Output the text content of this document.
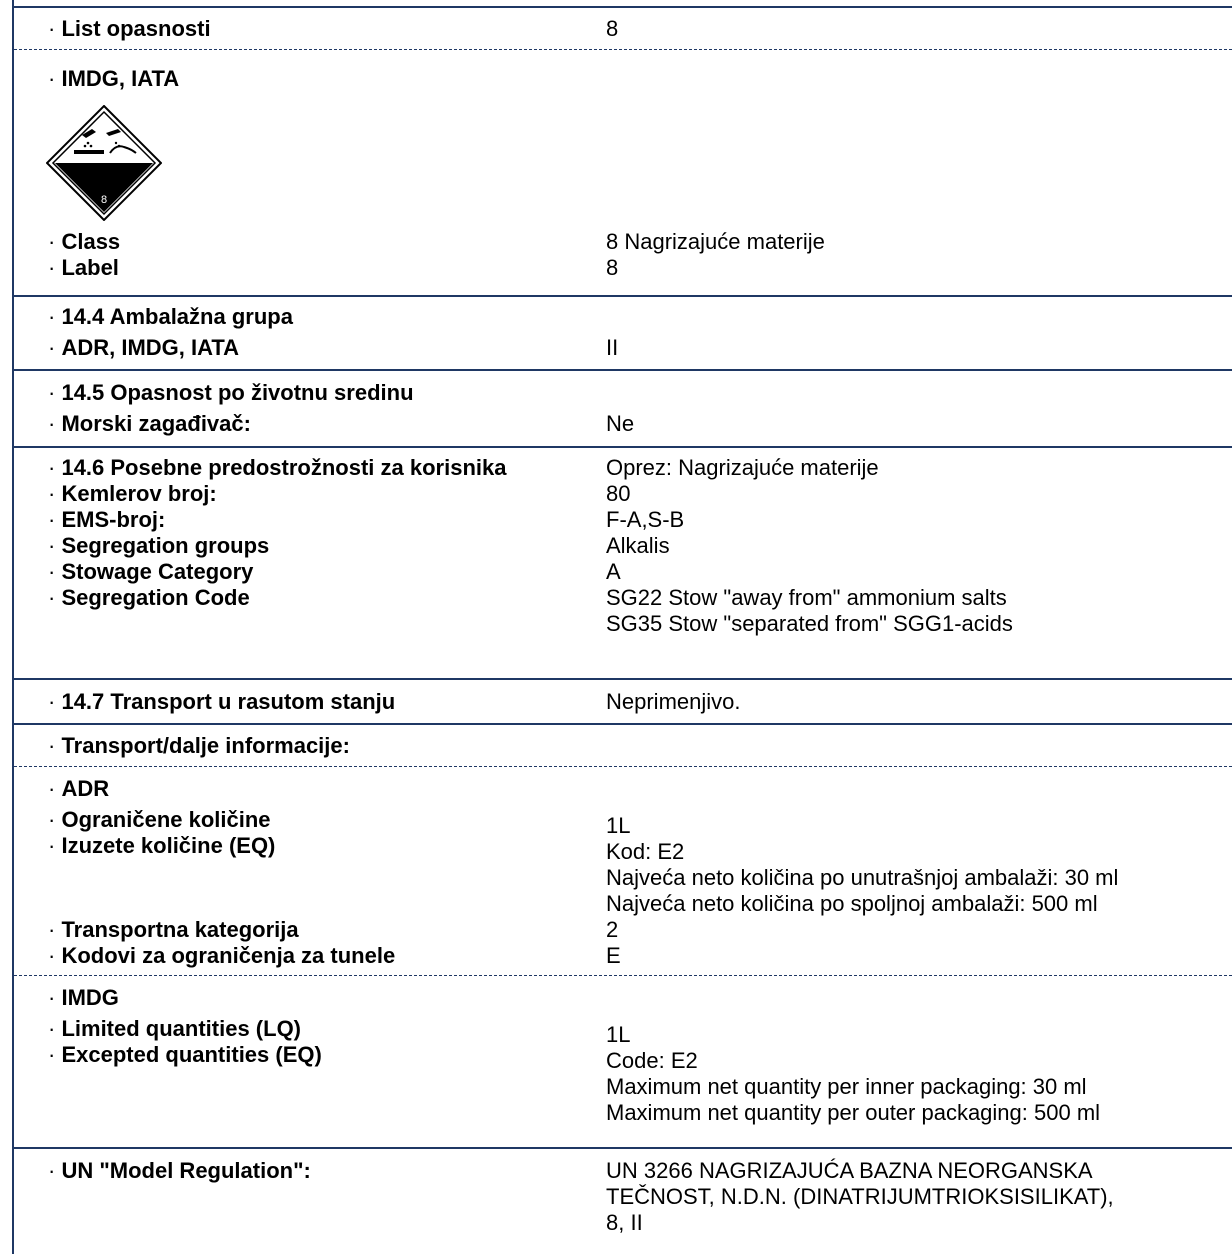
· List opasnosti	8
· IMDG, IATA
8
· Class	8 Nagrizajuće materije
· Label	8
· 14.4 Ambalažna grupa
· ADR, IMDG, IATA	II
· 14.5 Opasnost po životnu sredinu
· Morski zagađivač:	Ne
· 14.6 Posebne predostrožnosti za korisnika	Oprez: Nagrizajuće materije
· Kemlerov broj:	80
· EMS-broj:	F-A,S-B
· Segregation groups	Alkalis
· Stowage Category	A
· Segregation Code	SG22 Stow "away from" ammonium salts
SG35 Stow "separated from" SGG1-acids
· 14.7 Transport u rasutom stanju	Neprimenjivo.
· Transport/dalje informacije:
· ADR
· Ograničene količine	1L
· Izuzete količine (EQ)	Kod: E2
Najveća neto količina po unutrašnjoj ambalaži: 30 ml
Najveća neto količina po spoljnoj ambalaži: 500 ml
· Transportna kategorija	2
· Kodovi za ograničenja za tunele	E
· IMDG
· Limited quantities (LQ)	1L
· Excepted quantities (EQ)	Code: E2
Maximum net quantity per inner packaging: 30 ml
Maximum net quantity per outer packaging: 500 ml
· UN "Model Regulation":	UN 3266 NAGRIZAJUĆA BAZNA NEORGANSKA
TEČNOST, N.D.N. (DINATRIJUMTRIOKSISILIKAT),
8, II
